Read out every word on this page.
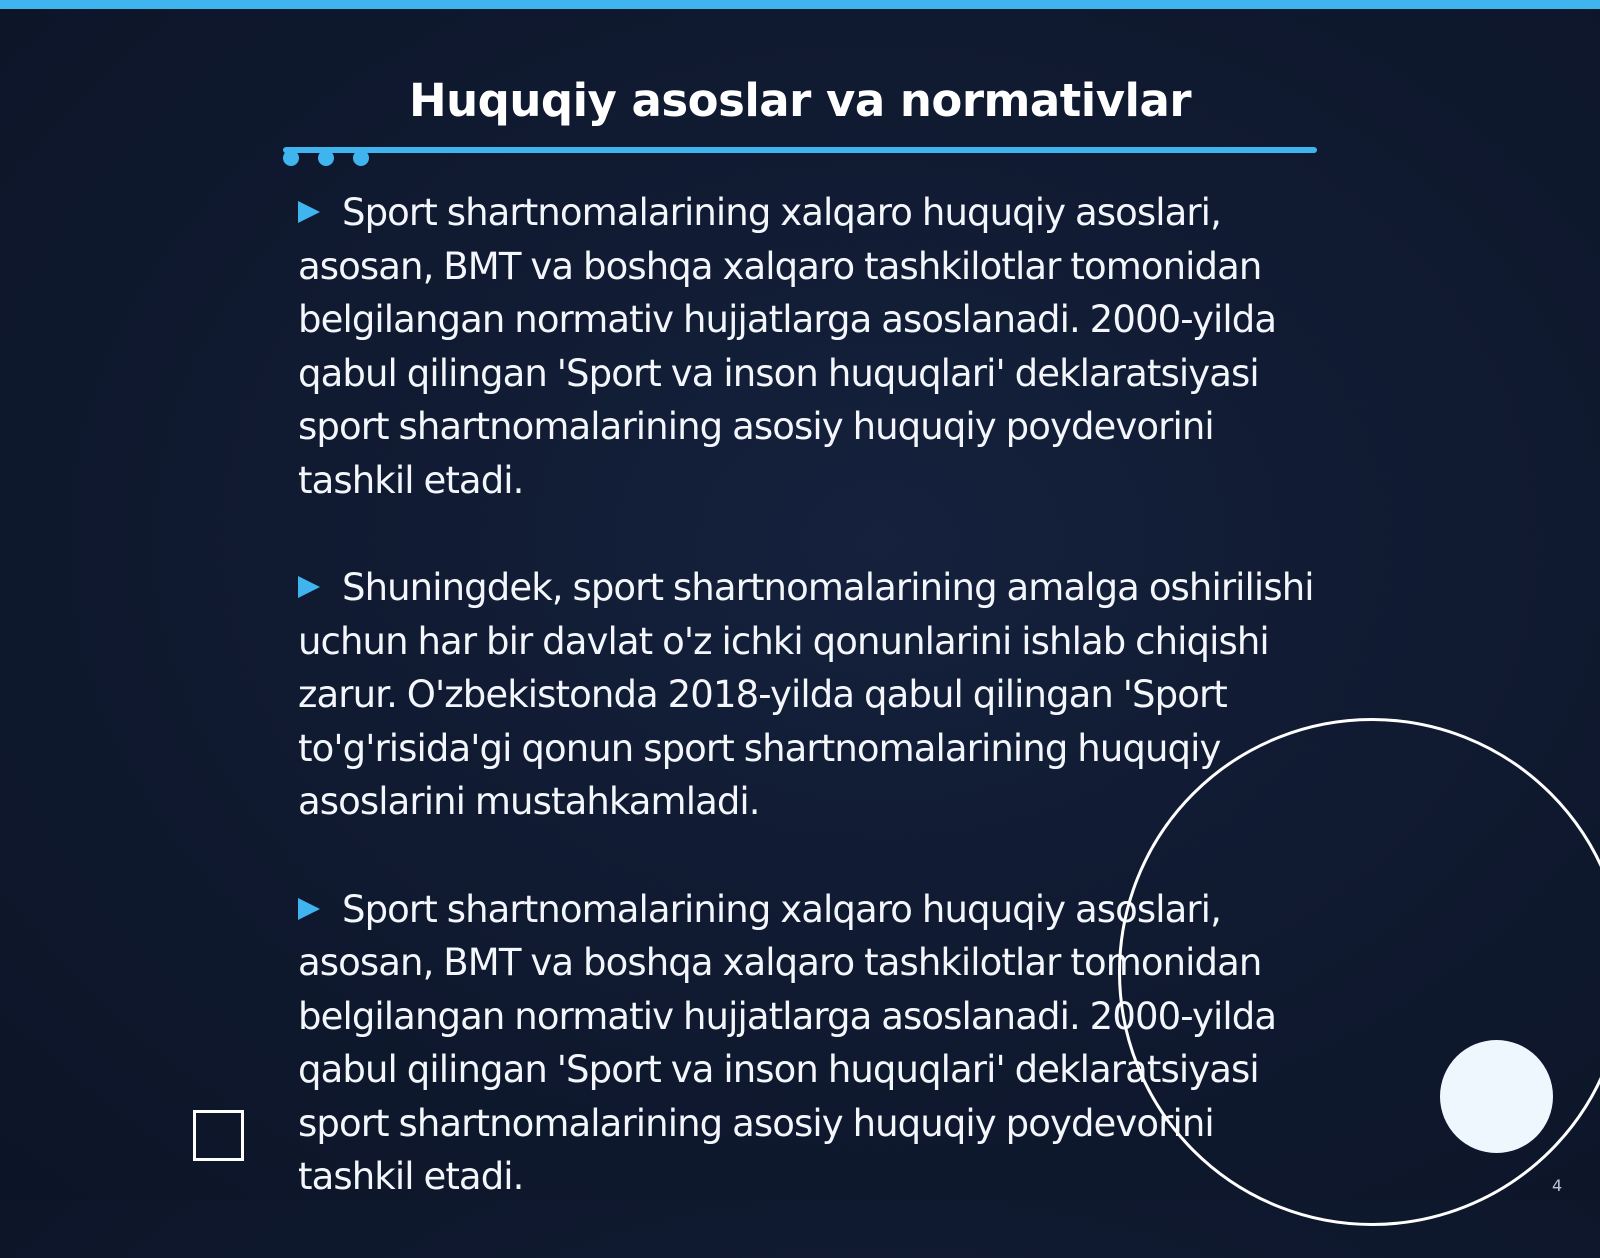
Huquqiy asoslar va normativlar

Sport shartnomalarining xalqaro huquqiy asoslari, asosan, BMT va boshqa xalqaro tashkilotlar tomonidan belgilangan normativ hujjatlarga asoslanadi. 2000-yilda qabul qilingan 'Sport va inson huquqlari' deklaratsiyasi sport shartnomalarining asosiy huquqiy poydevorini tashkil etadi.

Shuningdek, sport shartnomalarining amalga oshirilishi uchun har bir davlat o'z ichki qonunlarini ishlab chiqishi zarur. O'zbekistonda 2018-yilda qabul qilingan 'Sport to'g'risida'gi qonun sport shartnomalarining huquqiy asoslarini mustahkamladi.

Sport shartnomalarining xalqaro huquqiy asoslari, asosan, BMT va boshqa xalqaro tashkilotlar tomonidan belgilangan normativ hujjatlarga asoslanadi. 2000-yilda qabul qilingan 'Sport va inson huquqlari' deklaratsiyasi sport shartnomalarining asosiy huquqiy poydevorini tashkil etadi.	4
